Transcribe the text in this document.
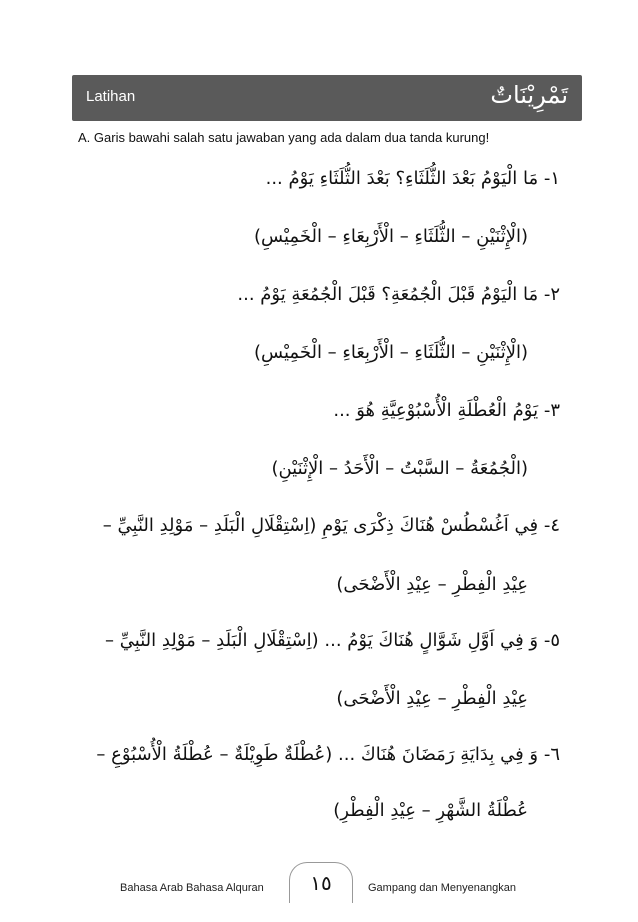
Latihan	تَمْرِيْنَاتٌ
A. Garis bawahi salah satu jawaban yang ada dalam dua tanda kurung!
١- مَا الْيَوْمُ بَعْدَ الثُّلَثَاءِ؟ بَعْدَ الثُّلَثَاءِ يَوْمُ ...
(الْإِثْنَيْنِ – الثُّلَثَاءِ – الْأَرْبِعَاءِ – الْخَمِيْسِ)
٢- مَا الْيَوْمُ قَبْلَ الْجُمُعَةِ؟ قَبْلَ الْجُمُعَةِ يَوْمُ ...
(الْإِثْنَيْنِ – الثُّلَثَاءِ – الْأَرْبِعَاءِ – الْخَمِيْسِ)
٣- يَوْمُ الْعُطْلَةِ الْأُسْبُوْعِيَّةِ هُوَ ...
(الْجُمُعَةُ – السَّبْتُ – الْأَحَدُ – الْإِثْنَيْنِ)
٤- فِي اَغُسْطُسْ هُنَاكَ ذِكْرَى يَوْمِ (اِسْتِقْلَالِ الْبَلَدِ – مَوْلِدِ النَّبِيِّ –
عِيْدِ الْفِطْرِ – عِيْدِ الْأَضْحَى)
٥- وَ فِي اَوَّلِ شَوَّالٍ هُنَاكَ يَوْمُ ... (اِسْتِقْلَالِ الْبَلَدِ – مَوْلِدِ النَّبِيِّ –
عِيْدِ الْفِطْرِ – عِيْدِ الْأَضْحَى)
٦- وَ فِي بِدَايَةِ رَمَضَانَ هُنَاكَ ... (عُطْلَةٌ طَوِيْلَةٌ – عُطْلَةُ الْأُسْبُوْعِ –
عُطْلَةُ الشَّهْرِ – عِيْدِ الْفِطْرِ)
Bahasa Arab Bahasa Alquran	١٥	Gampang dan Menyenangkan
